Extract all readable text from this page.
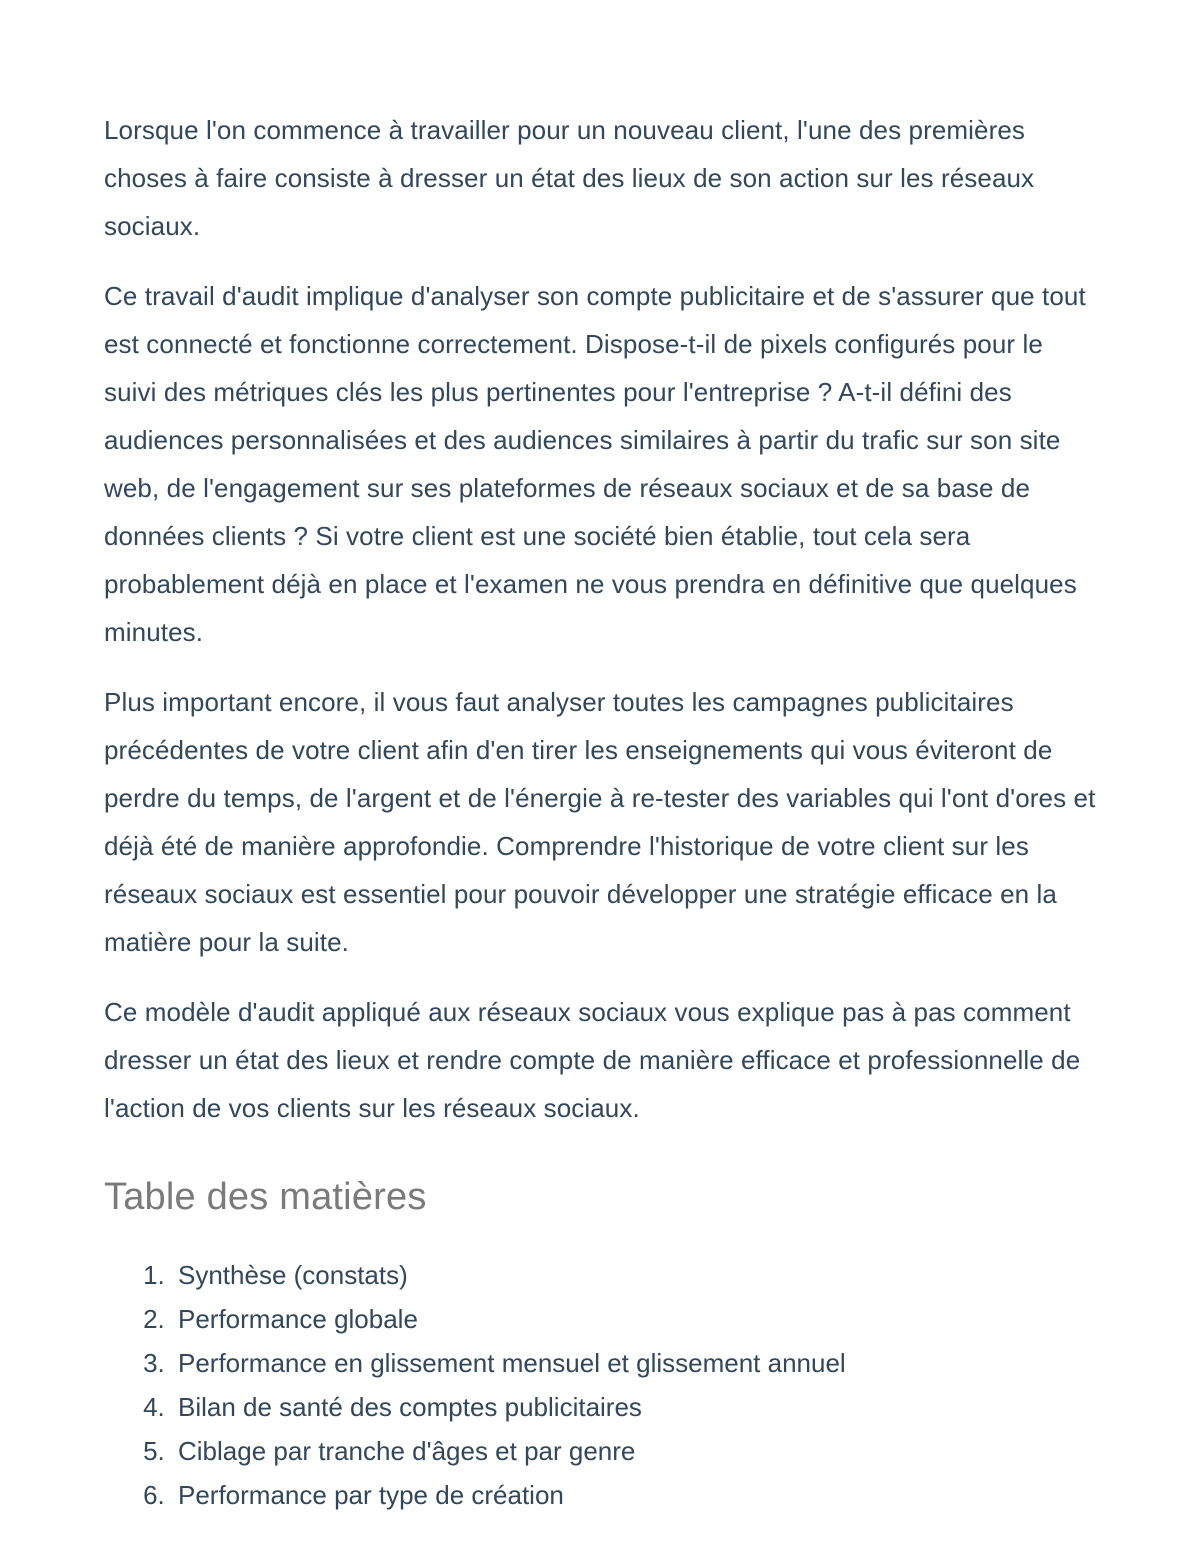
Lorsque l'on commence à travailler pour un nouveau client, l'une des premières choses à faire consiste à dresser un état des lieux de son action sur les réseaux sociaux.

Ce travail d'audit implique d'analyser son compte publicitaire et de s'assurer que tout est connecté et fonctionne correctement. Dispose-t-il de pixels configurés pour le suivi des métriques clés les plus pertinentes pour l'entreprise ? A-t-il défini des audiences personnalisées et des audiences similaires à partir du trafic sur son site web, de l'engagement sur ses plateformes de réseaux sociaux et de sa base de données clients ? Si votre client est une société bien établie, tout cela sera probablement déjà en place et l'examen ne vous prendra en définitive que quelques minutes.

Plus important encore, il vous faut analyser toutes les campagnes publicitaires précédentes de votre client afin d'en tirer les enseignements qui vous éviteront de perdre du temps, de l'argent et de l'énergie à re-tester des variables qui l'ont d'ores et déjà été de manière approfondie. Comprendre l'historique de votre client sur les réseaux sociaux est essentiel pour pouvoir développer une stratégie efficace en la matière pour la suite.

Ce modèle d'audit appliqué aux réseaux sociaux vous explique pas à pas comment dresser un état des lieux et rendre compte de manière efficace et professionnelle de l'action de vos clients sur les réseaux sociaux.

Table des matières
1. Synthèse (constats)
2. Performance globale
3. Performance en glissement mensuel et glissement annuel
4. Bilan de santé des comptes publicitaires
5. Ciblage par tranche d'âges et par genre
6. Performance par type de création
